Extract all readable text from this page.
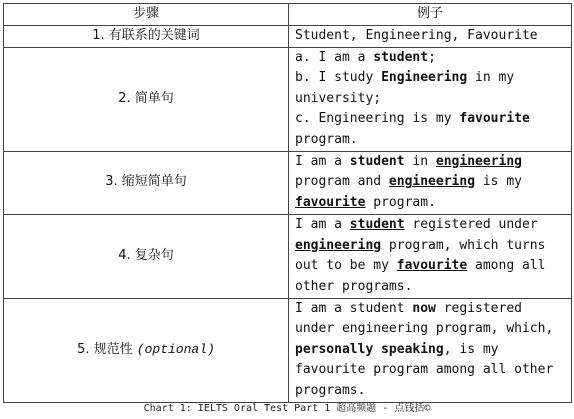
步骤	例子
1. 有联系的关键词	Student, Engineering, Favourite
2. 简单句	a. I am a student;
b. I study Engineering in my university;
c. Engineering is my favourite program.

3. 缩短简单句	I am a student in engineering program and engineering is my favourite program.
4. 复杂句	I am a student registered under engineering program, which turns out to be my favourite among all other programs.
5. 规范性 (optional)	I am a student now registered under engineering program, which, personally speaking, is my favourite program among all other programs.
Chart 1: IELTS Oral Test Part 1 超高频题 - 点钱括©
